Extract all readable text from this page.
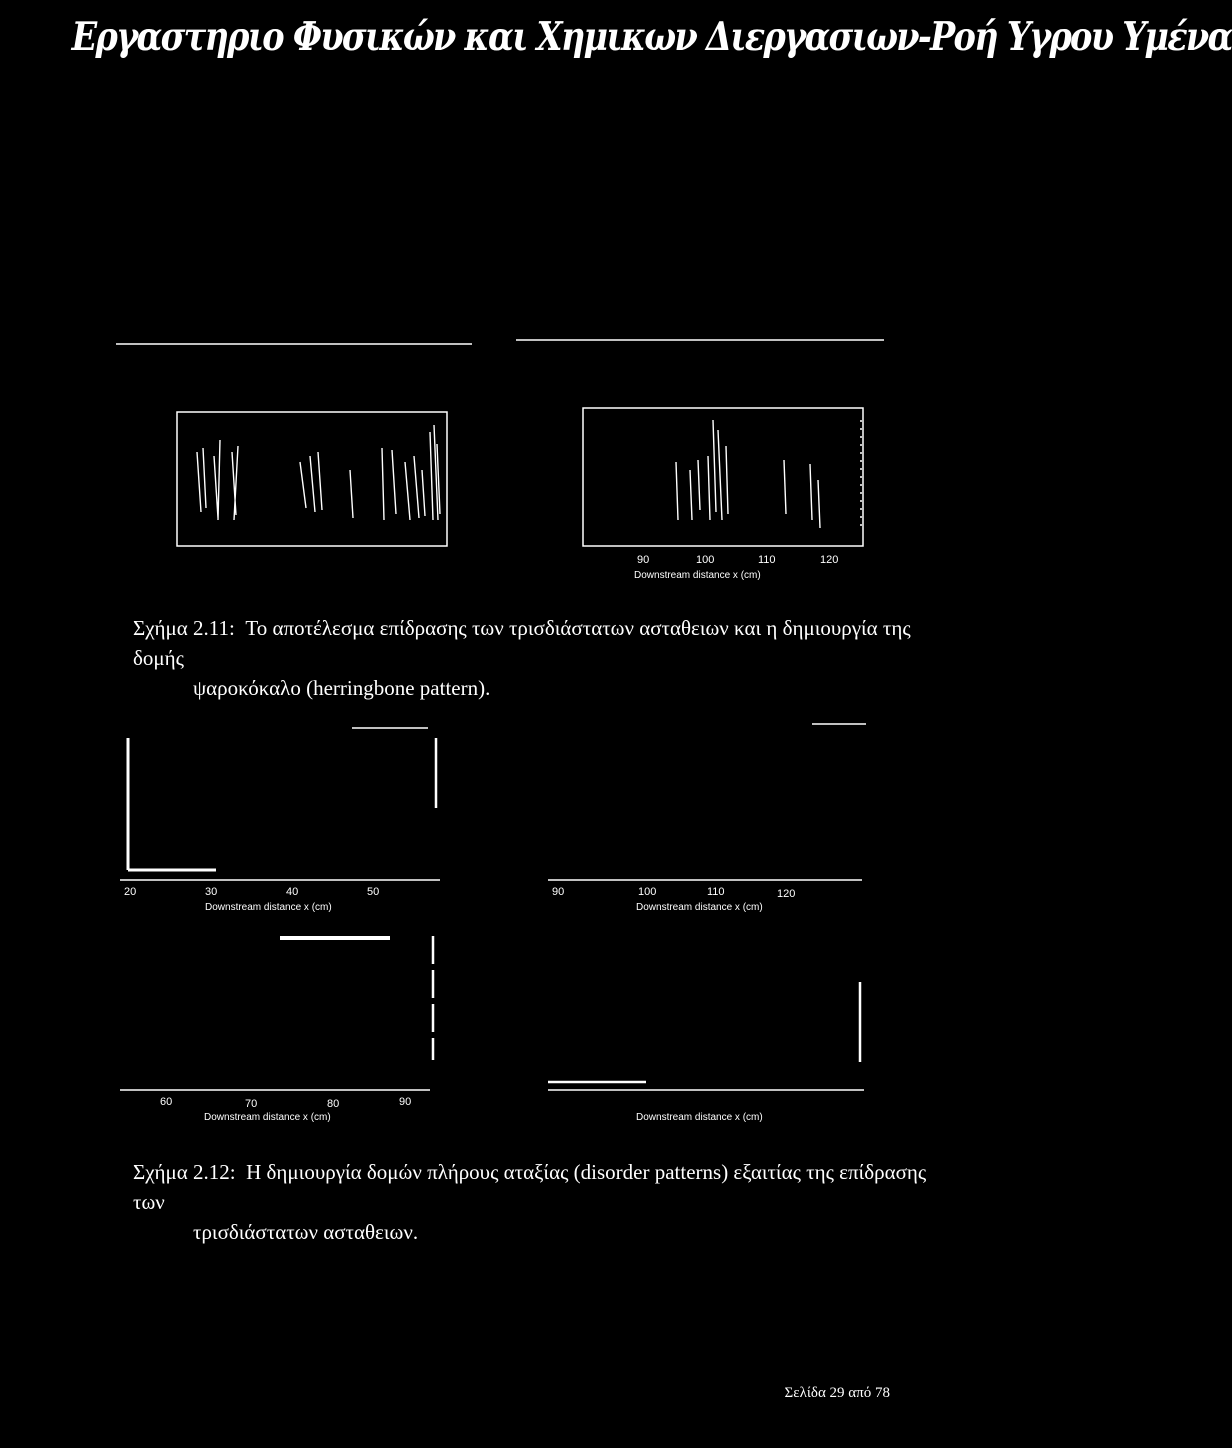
Εργαστηριο Φυσικών και Χημικων Διεργασιων-Ροή Υγρου Υμένα
90	100	110	120
Downstream distance x (cm)
Σχήμα 2.11: Το αποτέλεσμα επίδρασης των τρισδιάστατων ασταθειων και η δημιουργία της δομής
ψαροκόκαλο (herringbone pattern).
20	30	40	50
Downstream distance x (cm)
90	100	110	120
Downstream distance x (cm)
60	70	80	90
Downstream distance x (cm)	Downstream distance x (cm)
Σχήμα 2.12: Η δημιουργία δομών πλήρους αταξίας (disorder patterns) εξαιτίας της επίδρασης των
τρισδιάστατων ασταθειων.
Σελίδα 29 από 78
